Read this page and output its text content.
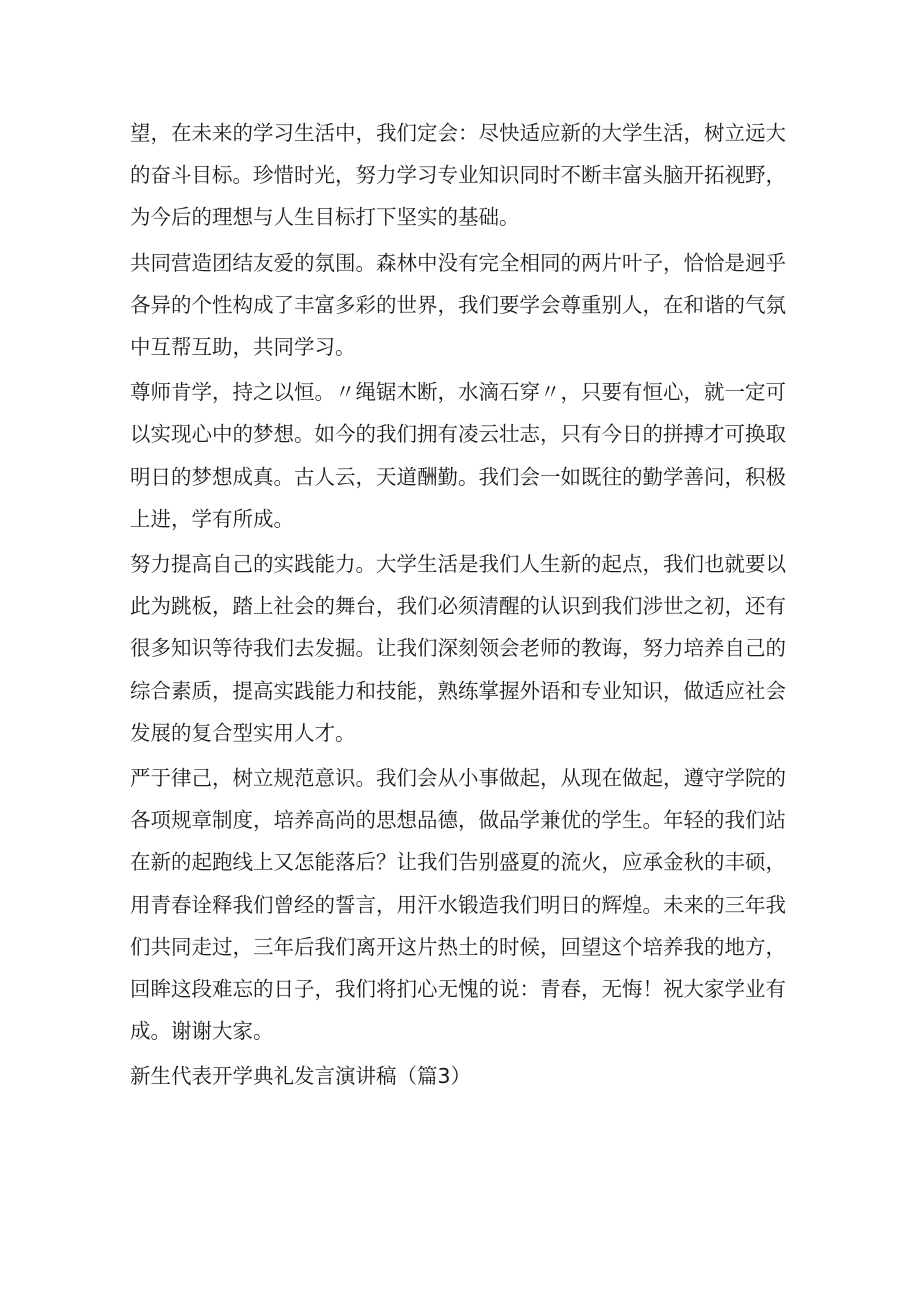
望，在未来的学习生活中，我们定会：尽快适应新的大学生活，树立远大的奋斗目标。珍惜时光，努力学习专业知识同时不断丰富头脑开拓视野，为今后的理想与人生目标打下坚实的基础。

共同营造团结友爱的氛围。森林中没有完全相同的两片叶子，恰恰是迥乎各异的个性构成了丰富多彩的世界，我们要学会尊重别人，在和谐的气氛中互帮互助，共同学习。

尊师肯学，持之以恒。〃绳锯木断，水滴石穿〃，只要有恒心，就一定可以实现心中的梦想。如今的我们拥有凌云壮志，只有今日的拼搏才可换取明日的梦想成真。古人云，天道酬勤。我们会一如既往的勤学善问，积极上进，学有所成。

努力提高自己的实践能力。大学生活是我们人生新的起点，我们也就要以此为跳板，踏上社会的舞台，我们必须清醒的认识到我们涉世之初，还有很多知识等待我们去发掘。让我们深刻领会老师的教诲，努力培养自己的综合素质，提高实践能力和技能，熟练掌握外语和专业知识，做适应社会发展的复合型实用人才。

严于律己，树立规范意识。我们会从小事做起，从现在做起，遵守学院的各项规章制度，培养高尚的思想品德，做品学兼优的学生。年轻的我们站在新的起跑线上又怎能落后？让我们告别盛夏的流火，应承金秋的丰硕，用青春诠释我们曾经的誓言，用汗水锻造我们明日的辉煌。未来的三年我们共同走过，三年后我们离开这片热土的时候，回望这个培养我的地方，回眸这段难忘的日子，我们将扪心无愧的说：青春，无悔！祝大家学业有成。谢谢大家。

新生代表开学典礼发言演讲稿（篇3）
